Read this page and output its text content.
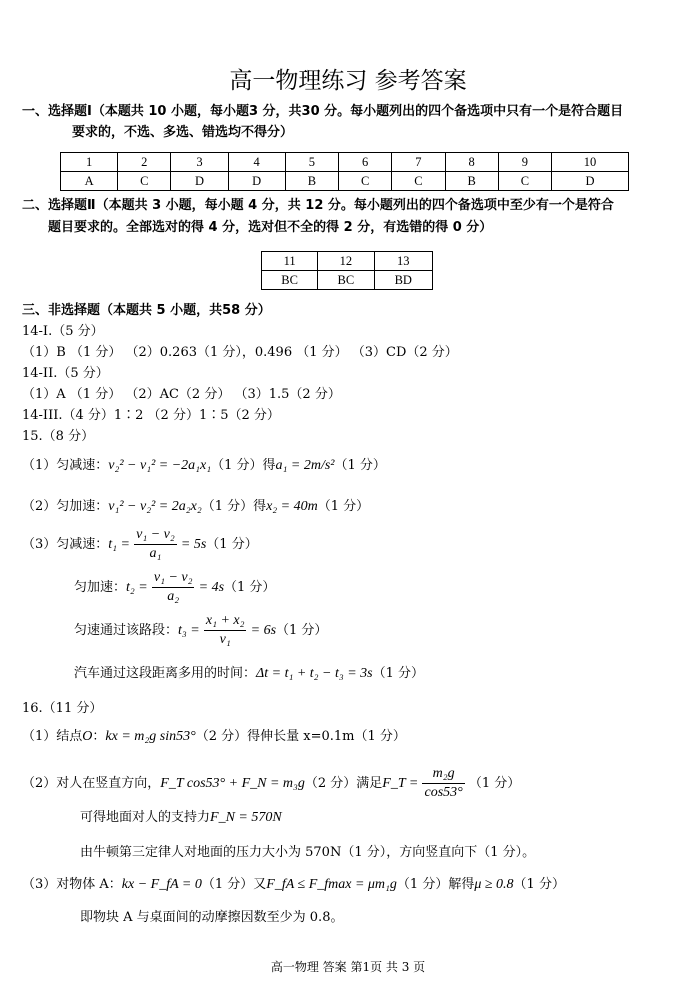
高一物理练习 参考答案
一、选择题Ⅰ（本题共 10 小题，每小题3 分，共30 分。每小题列出的四个备选项中只有一个是符合题目
要求的，不选、多选、错选均不得分）
1	2	3	4	5	6	7	8	9	10
A	C	D	D	B	C	C	B	C	D
二、选择题Ⅱ（本题共 3 小题，每小题 4 分，共 12 分。每小题列出的四个备选项中至少有一个是符合
题目要求的。全部选对的得 4 分，选对但不全的得 2 分，有选错的得 0 分）
11	12	13
BC	BC	BD
三、非选择题（本题共 5 小题，共58 分）
14-I.（5 分）
（1）B （1 分） （2）0.263（1 分），0.496 （1 分） （3）CD（2 分）
14-II.（5 分）
（1）A （1 分） （2）AC（2 分） （3）1.5（2 分）
14-III.（4 分）1∶2 （2 分）1∶5（2 分）
15.（8 分）
（1）匀减速：v₂² − v₁² = −2a₁x₁（1 分）得a₁ = 2m/s²（1 分）
（2）匀加速：v₁² − v₂² = 2a₂x₂（1 分）得x₂ = 40m（1 分）
（3）匀减速：$t_1 = \frac{\text{v₁ − v₂}}{\text{a₁}} = 5s(1$ 分）
匀加速：$t_2 = \frac{\text{v₁ − v₂}}{\text{a₂}} = 4s(1$ 分）
匀速通过该路段：$t_3 = \frac{\text{x₁ + x₂}}{\text{v₁}} = 6s(1$ 分）
汽车通过这段距离多用的时间：Δt = t₁ + t₂ − t₃ = 3s（1 分）
16.（11 分）
（1）结点O：kx = m₂g sin53°（2 分）得伸长量 x=0.1m（1 分）
（2）对人在竖直方向，F_T cos53° + F_N = m₃g（2 分）满足F_T = $\frac{\text{m₂g}}{\cos 53^\circ} (1$ 分）
可得地面对人的支持力F_N = 570N
由牛顿第三定律人对地面的压力大小为 570N（1 分），方向竖直向下（1 分）。
（3）对物体 A：kx − F_fA = 0（1 分）又F_fA ≤ F_fmax = μm₁g（1 分）解得μ ≥ 0.8（1 分）
即物块 A 与桌面间的动摩擦因数至少为 0.8。
高一物理 答案 第1页 共 3 页
